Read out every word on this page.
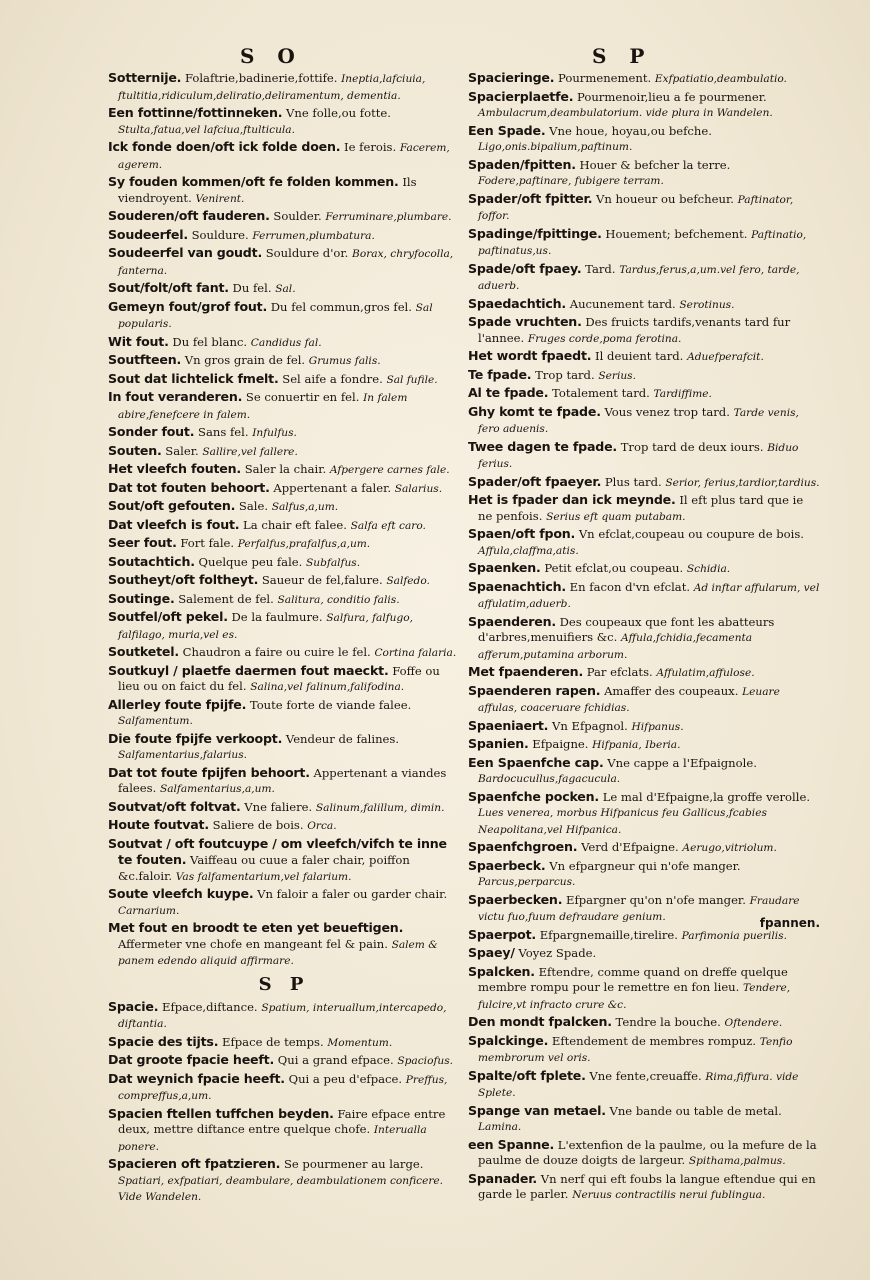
S O	S P
Sotternije. Folaftrie,badinerie,fottife. Ineptia,lafciuia, ftultitia,ridiculum,deliratio,deliramentum, dementia.
Een fottinne/fottinneken. Vne folle,ou fotte. Stulta,fatua,vel lafciua,ftulticula.
Ick fonde doen/oft ick folde doen. Ie ferois. Facerem, agerem.
Sy fouden kommen/oft fe folden kommen. Ils viendroyent. Venirent.
Souderen/oft fauderen. Soulder. Ferruminare,plumbare.
Soudeerfel. Souldure. Ferrumen,plumbatura.
Soudeerfel van goudt. Souldure d'or. Borax, chryfocolla, fanterna.
Sout/folt/oft fant. Du fel. Sal.
Gemeyn fout/grof fout. Du fel commun,gros fel. Sal popularis.
Wit fout. Du fel blanc. Candidus fal.
Soutfteen. Vn gros grain de fel. Grumus falis.
Sout dat lichtelick fmelt. Sel aife a fondre. Sal fufile.
In fout veranderen. Se conuertir en fel. In falem abire,fenefcere in falem.
Sonder fout. Sans fel. Infulfus.
Souten. Saler. Sallire,vel fallere.
Het vleefch fouten. Saler la chair. Afpergere carnes fale.
Dat tot fouten behoort. Appertenant a faler. Salarius.
Sout/oft gefouten. Sale. Salfus,a,um.
Dat vleefch is fout. La chair eft falee. Salfa eft caro.
Seer fout. Fort fale. Perfalfus,prafalfus,a,um.
Soutachtich. Quelque peu fale. Subfalfus.
Southeyt/oft foltheyt. Saueur de fel,falure. Salfedo.
Soutinge. Salement de fel. Salitura, conditio falis.
Soutfel/oft pekel. De la faulmure. Salfura, falfugo, falfilago, muria,vel es.
Soutketel. Chaudron a faire ou cuire le fel. Cortina falaria.
Soutkuyl / plaetfe daermen fout maeckt. Foffe ou lieu ou on faict du fel. Salina,vel falinum,falifodina.
Allerley foute fpijfe. Toute forte de viande falee. Salfamentum.
Die foute fpijfe verkoopt. Vendeur de falines. Salfamentarius,falarius.
Dat tot foute fpijfen behoort. Appertenant a viandes falees. Salfamentarius,a,um.
Soutvat/oft foltvat. Vne faliere. Salinum,falillum, dimin.
Houte foutvat. Saliere de bois. Orca.
Soutvat / oft foutcuype / om vleefch/vifch te inne te fouten. Vaiffeau ou cuue a faler chair, poiffon &c.faloir. Vas falfamentarium,vel falarium.
Soute vleefch kuype. Vn faloir a faler ou garder chair. Carnarium.
Met fout en broodt te eten yet beueftigen. Affermeter vne chofe en mangeant fel & pain. Salem & panem edendo aliquid affirmare.
S P
Spacie. Efpace,diftance. Spatium, interuallum,intercapedo, diftantia.
Spacie des tijts. Efpace de temps. Momentum.
Dat groote fpacie heeft. Qui a grand efpace. Spaciofus.
Dat weynich fpacie heeft. Qui a peu d'efpace. Preffus, compreffus,a,um.
Spacien ftellen tuffchen beyden. Faire efpace entre deux, mettre diftance entre quelque chofe. Interualla ponere.
Spacieren oft fpatzieren. Se pourmener au large. Spatiari, exfpatiari, deambulare, deambulationem conficere. Vide Wandelen.
Spacieringe. Pourmenement. Exfpatiatio,deambulatio.
Spacierplaetfe. Pourmenoir,lieu a fe pourmener. Ambulacrum,deambulatorium. vide plura in Wandelen.
Een Spade. Vne houe, hoyau,ou befche. Ligo,onis.bipalium,paftinum.
Spaden/fpitten. Houer & befcher la terre. Fodere,paftinare, fubigere terram.
Spader/oft fpitter. Vn houeur ou befcheur. Paftinator, foffor.
Spadinge/fpittinge. Houement; befchement. Paftinatio, paftinatus,us.
Spade/oft fpaey. Tard. Tardus,ferus,a,um.vel fero, tarde, aduerb.
Spaedachtich. Aucunement tard. Serotinus.
Spade vruchten. Des fruicts tardifs,venants tard fur l'annee. Fruges corde,poma ferotina.
Het wordt fpaedt. Il deuient tard. Aduefperafcit.
Te fpade. Trop tard. Serius.
Al te fpade. Totalement tard. Tardiffime.
Ghy komt te fpade. Vous venez trop tard. Tarde venis, fero aduenis.
Twee dagen te fpade. Trop tard de deux iours. Biduo ferius.
Spader/oft fpaeyer. Plus tard. Serior, ferius,tardior,tardius.
Het is fpader dan ick meynde. Il eft plus tard que ie ne penfois. Serius eft quam putabam.
Spaen/oft fpon. Vn efclat,coupeau ou coupure de bois. Affula,claffma,atis.
Spaenken. Petit efclat,ou coupeau. Schidia.
Spaenachtich. En facon d'vn efclat. Ad inftar affularum, vel affulatim,aduerb.
Spaenderen. Des coupeaux que font les abatteurs d'arbres,menuifiers &c. Affula,fchidia,fecamenta afferum,putamina arborum.
Met fpaenderen. Par efclats. Affulatim,affulose.
Spaenderen rapen. Amaffer des coupeaux. Leuare affulas, coaceruare fchidias.
Spaeniaert. Vn Efpagnol. Hifpanus.
Spanien. Efpaigne. Hifpania, Iberia.
Een Spaenfche cap. Vne cappe a l'Efpaignole. Bardocucullus,fagacucula.
Spaenfche pocken. Le mal d'Efpaigne,la groffe verolle. Lues venerea, morbus Hifpanicus feu Gallicus,fcabies Neapolitana,vel Hifpanica.
Spaenfchgroen. Verd d'Efpaigne. Aerugo,vitriolum.
Spaerbeck. Vn efpargneur qui n'ofe manger. Parcus,perparcus.
Spaerbecken. Efpargner qu'on n'ofe manger. Fraudare victu fuo,fuum defraudare genium.
Spaerpot. Efpargnemaille,tirelire. Parfimonia puerilis.
Spaey/ Voyez Spade.
Spalcken. Eftendre, comme quand on dreffe quelque membre rompu pour le remettre en fon lieu. Tendere, fulcire,vt infracto crure &c.
Den mondt fpalcken. Tendre la bouche. Oftendere.
Spalckinge. Eftendement de membres rompuz. Tenfio membrorum vel oris.
Spalte/oft fplete. Vne fente,creuaffe. Rima,fiffura. vide Splete.
Spange van metael. Vne bande ou table de metal. Lamina.
een Spanne. L'extenfion de la paulme, ou la mefure de la paulme de douze doigts de largeur. Spithama,palmus.
Spanader. Vn nerf qui eft foubs la langue eftendue qui en garde le parler. Neruus contractilis nerui fublingua.
fpannen.
